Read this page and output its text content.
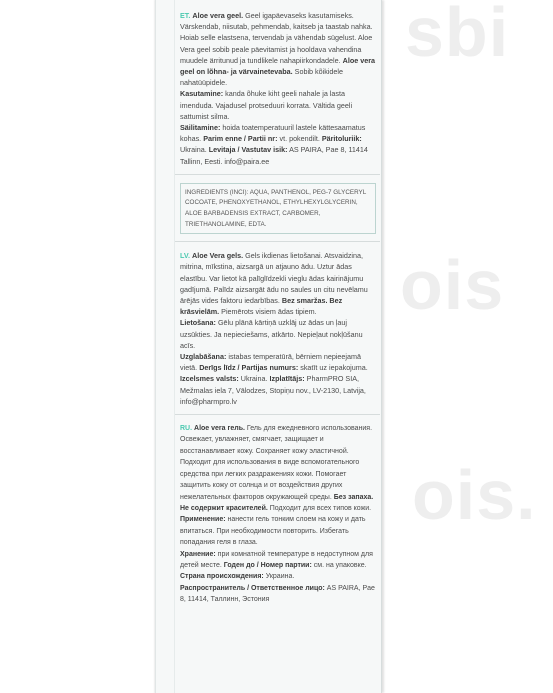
sbi
ois
ois.

ET. Aloe vera geel. Geel igapäevaseks kasutamiseks. Värskendab, niisutab, pehmendab, kaitseb ja taastab nahka. Hoiab selle elastsena, tervendab ja vähendab sügelust. Aloe Vera geel sobib peale päevitamist ja hooldava vahendina muudele ärritunud ja tundlikele nahapiirkondadele. Aloe vera geel on lõhna- ja värvainetevaba. Sobib kõikidele nahatüüpidele.

Kasutamine: kanda õhuke kiht geeli nahale ja lasta imenduda. Vajadusel protseduuri korrata. Vältida geeli sattumist silma.

Säilitamine: hoida toatemperatuuril lastele kättesaamatus kohas. Parim enne / Partii nr: vt. pokendilt. Päritoluriik: Ukraina. Levitaja / Vastutav isik: AS PAIRA, Pae 8, 11414 Tallinn, Eesti. info@paira.ee

INGREDIENTS (INCI): AQUA, PANTHENOL, PEG-7 GLYCERYL COCOATE, PHENOXYETHANOL, ETHYLHEXYLGLYCERIN, ALOE BARBADENSIS EXTRACT, CARBOMER, TRIETHANOLAMINE, EDTA.

LV. Aloe Vera gels. Gels ikdienas lietošanai. Atsvaidzina, mitrina, mīkstina, aizsargā un atjauno ādu. Uztur ādas elastību. Var lietot kā palīglīdzekli vieglu ādas kairinājumu gadījumā. Palīdz aizsargāt ādu no saules un citu nevēlamu ārējās vides faktoru iedarbības. Bez smaržas. Bez krāsvielām. Piemērots visiem ādas tipiem.

Lietošana: Gēlu plānā kārtiņā uzklāj uz ādas un ļauj uzsūkties. Ja nepieciešams, atkārto. Nepieļaut nokļūšanu acīs.

Uzglabāšana: istabas temperatūrā, bērniem nepieejamā vietā. Derīgs līdz / Partijas numurs: skatīt uz iepakojuma. Izcelsmes valsts: Ukraina. Izplatītājs: PharmPRO SIA, Mežmalas iela 7, Vālodzes, Stopiņu nov., LV-2130, Latvija, info@pharmpro.lv

RU. Aloe vera гель. Гель для ежедневного использования. Освежает, увлажняет, смягчает, защищает и восстанавливает кожу. Сохраняет кожу эластичной. Подходит для использования в виде вспомогательного средства при легких раздражениях кожи. Помогает защитить кожу от солнца и от воздействия других нежелательных факторов окружающей среды. Без запаха. Не содержит красителей. Подходит для всех типов кожи.

Применение: нанести гель тонким слоем на кожу и дать впитаться. При необходимости повторить. Избегать попадания геля в глаза.

Хранение: при комнатной температуре в недоступном для детей месте. Годен до / Номер партии: см. на упаковке. Страна происхождения: Украина.

Распространитель / Ответственное лицо: AS PAIRA, Pae 8, 11414, Таллинн, Эстония
